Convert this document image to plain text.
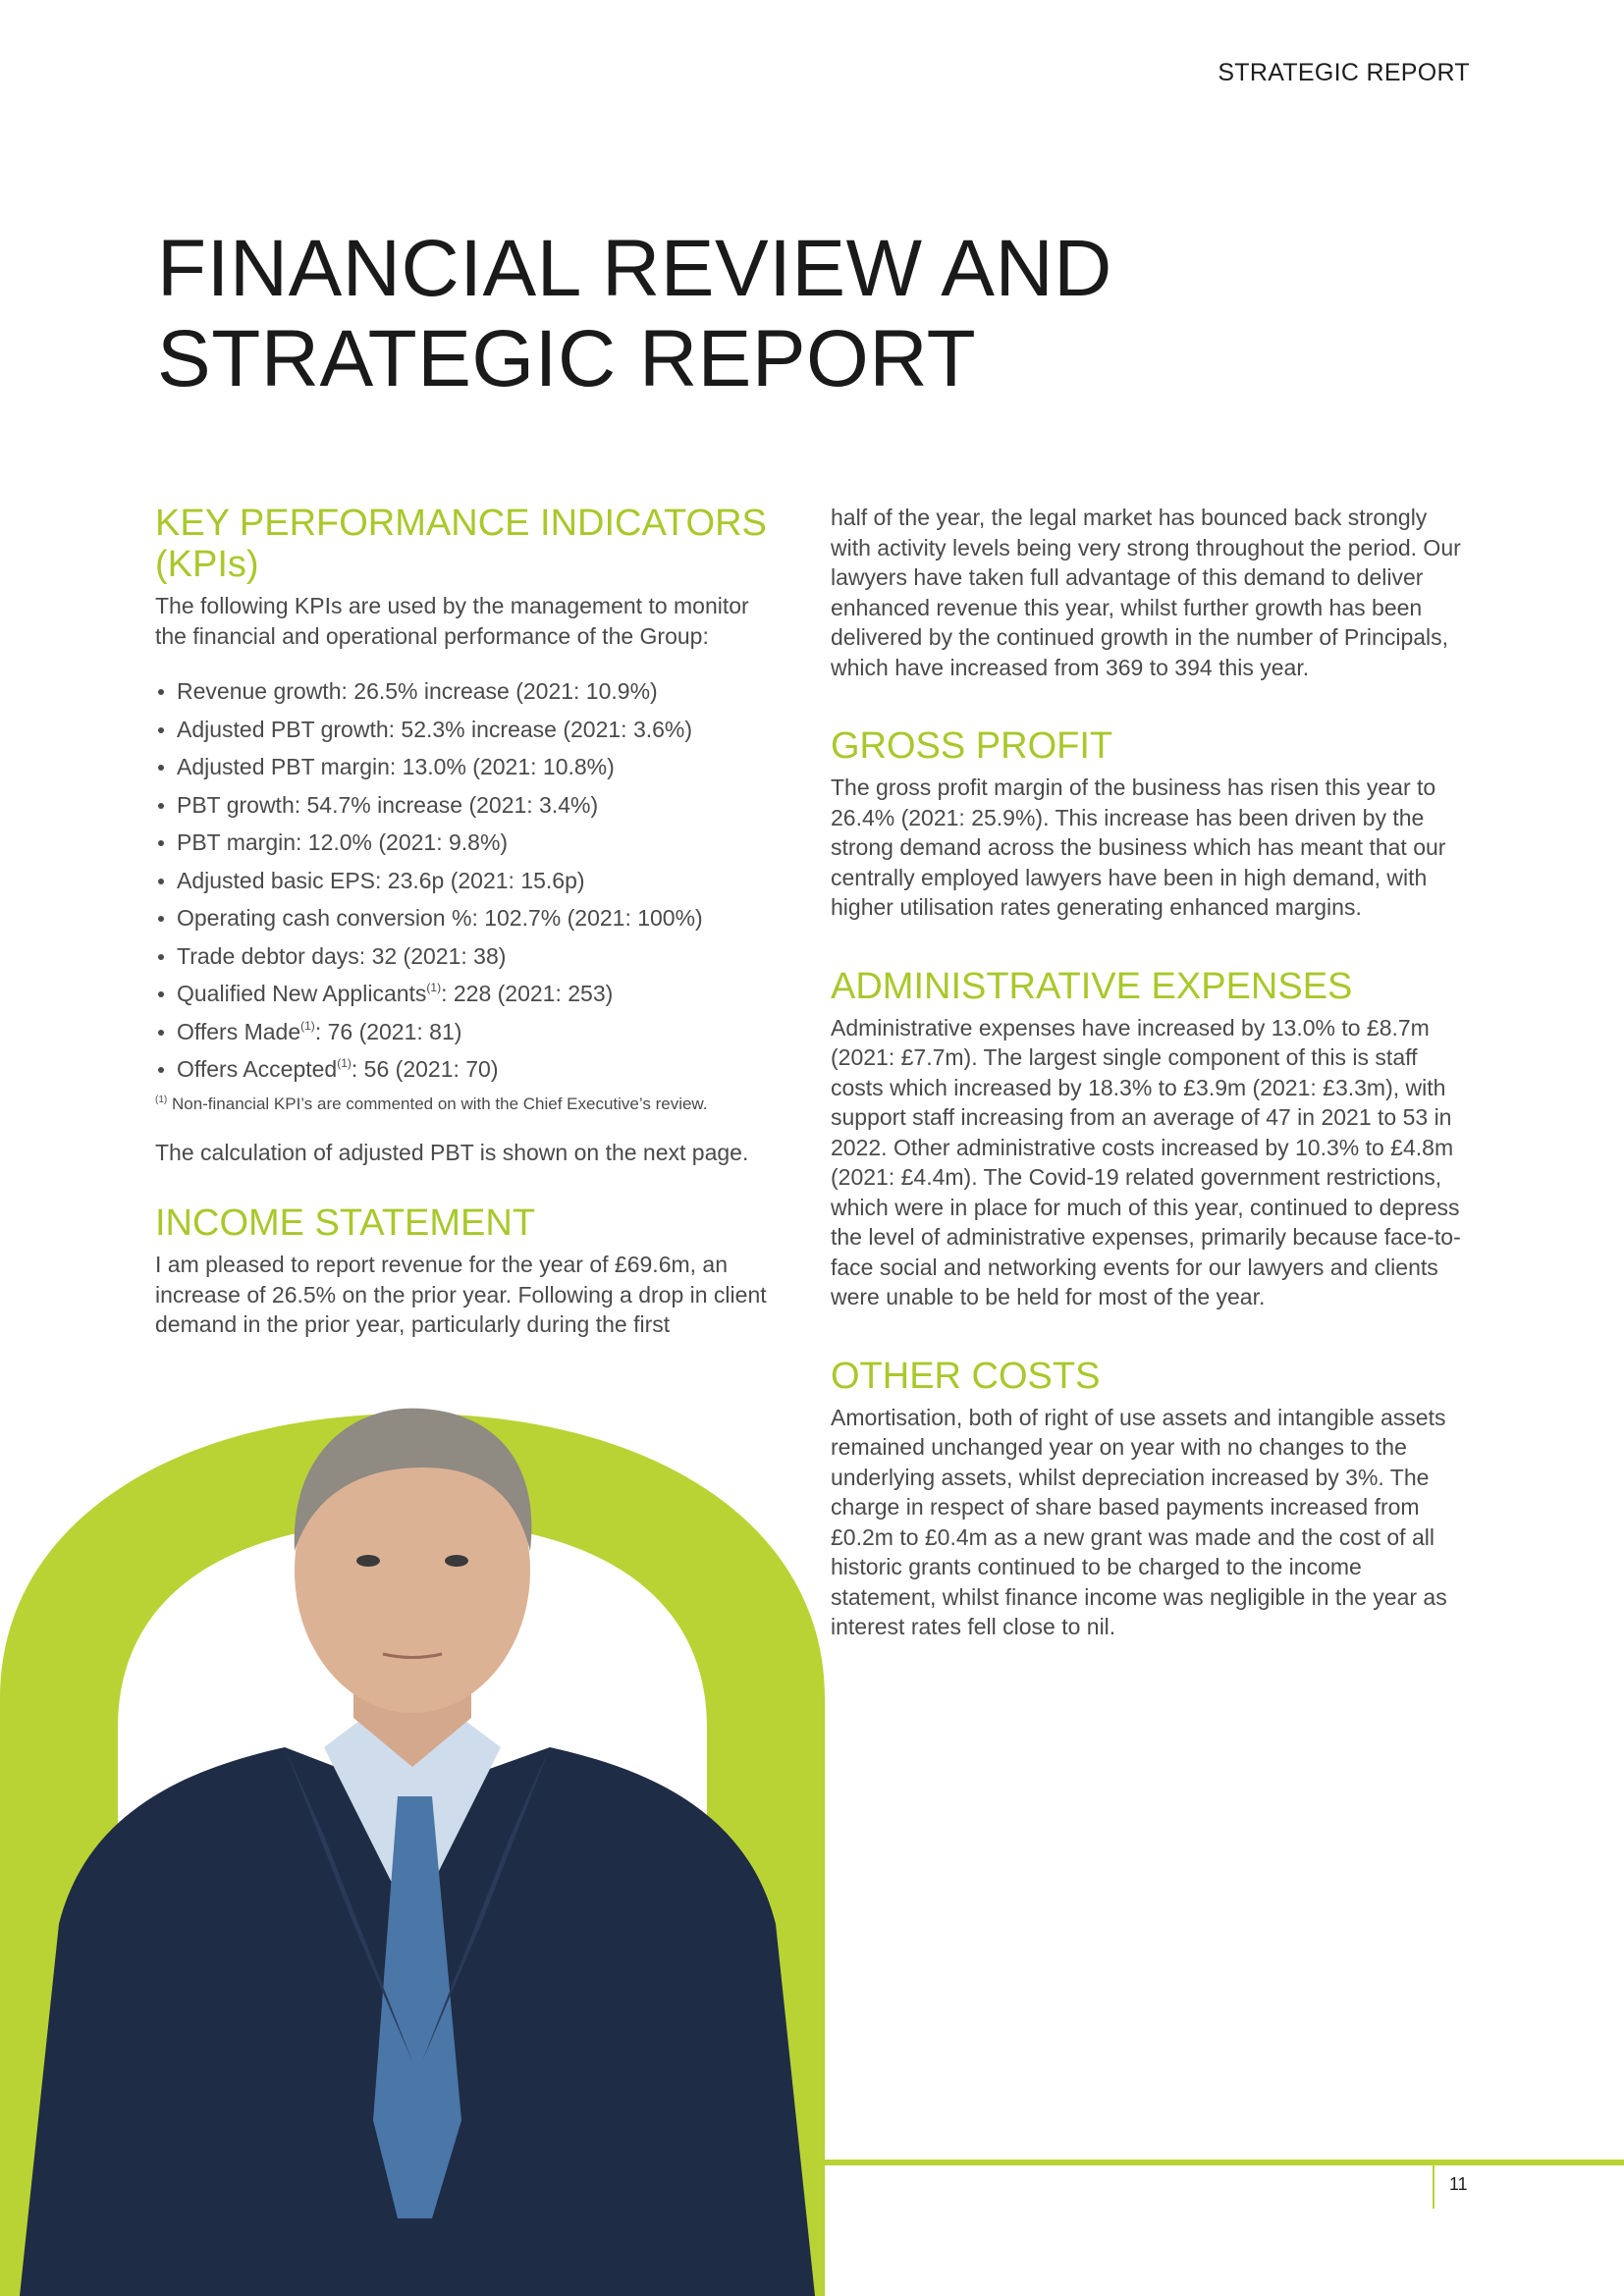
STRATEGIC REPORT
FINANCIAL REVIEW AND
STRATEGIC REPORT
KEY PERFORMANCE INDICATORS
(KPIs)

The following KPIs are used by the management to monitor the financial and operational performance of the Group:

Revenue growth: 26.5% increase (2021: 10.9%)
Adjusted PBT growth: 52.3% increase (2021: 3.6%)
Adjusted PBT margin: 13.0% (2021: 10.8%)
PBT growth: 54.7% increase (2021: 3.4%)
PBT margin: 12.0% (2021: 9.8%)
Adjusted basic EPS: 23.6p (2021: 15.6p)
Operating cash conversion %: 102.7% (2021: 100%)
Trade debtor days: 32 (2021: 38)
Qualified New Applicants$^{(1)}$: 228 (2021: 253)
Offers Made$^{(1)}$: 76 (2021: 81)
Offers Accepted$^{(1)}$: 56 (2021: 70)

$^{(1)}$ Non-financial KPI’s are commented on with the Chief Executive’s review.

The calculation of adjusted PBT is shown on the next page.

INCOME STATEMENT

I am pleased to report revenue for the year of £69.6m, an increase of 26.5% on the prior year. Following a drop in client demand in the prior year, particularly during the first

half of the year, the legal market has bounced back strongly with activity levels being very strong throughout the period. Our lawyers have taken full advantage of this demand to deliver enhanced revenue this year, whilst further growth has been delivered by the continued growth in the number of Principals, which have increased from 369 to 394 this year.

GROSS PROFIT

The gross profit margin of the business has risen this year to 26.4% (2021: 25.9%). This increase has been driven by the strong demand across the business which has meant that our centrally employed lawyers have been in high demand, with higher utilisation rates generating enhanced margins.

ADMINISTRATIVE EXPENSES

Administrative expenses have increased by 13.0% to £8.7m (2021: £7.7m). The largest single component of this is staff costs which increased by 18.3% to £3.9m (2021: £3.3m), with support staff increasing from an average of 47 in 2021 to 53 in 2022. Other administrative costs increased by 10.3% to £4.8m (2021: £4.4m). The Covid-19 related government restrictions, which were in place for much of this year, continued to depress the level of administrative expenses, primarily because face-to-face social and networking events for our lawyers and clients were unable to be held for most of the year.

OTHER COSTS

Amortisation, both of right of use assets and intangible assets remained unchanged year on year with no changes to the underlying assets, whilst depreciation increased by 3%. The charge in respect of share based payments increased from £0.2m to £0.4m as a new grant was made and the cost of all historic grants continued to be charged to the income statement, whilst finance income was negligible in the year as interest rates fell close to nil.

11
